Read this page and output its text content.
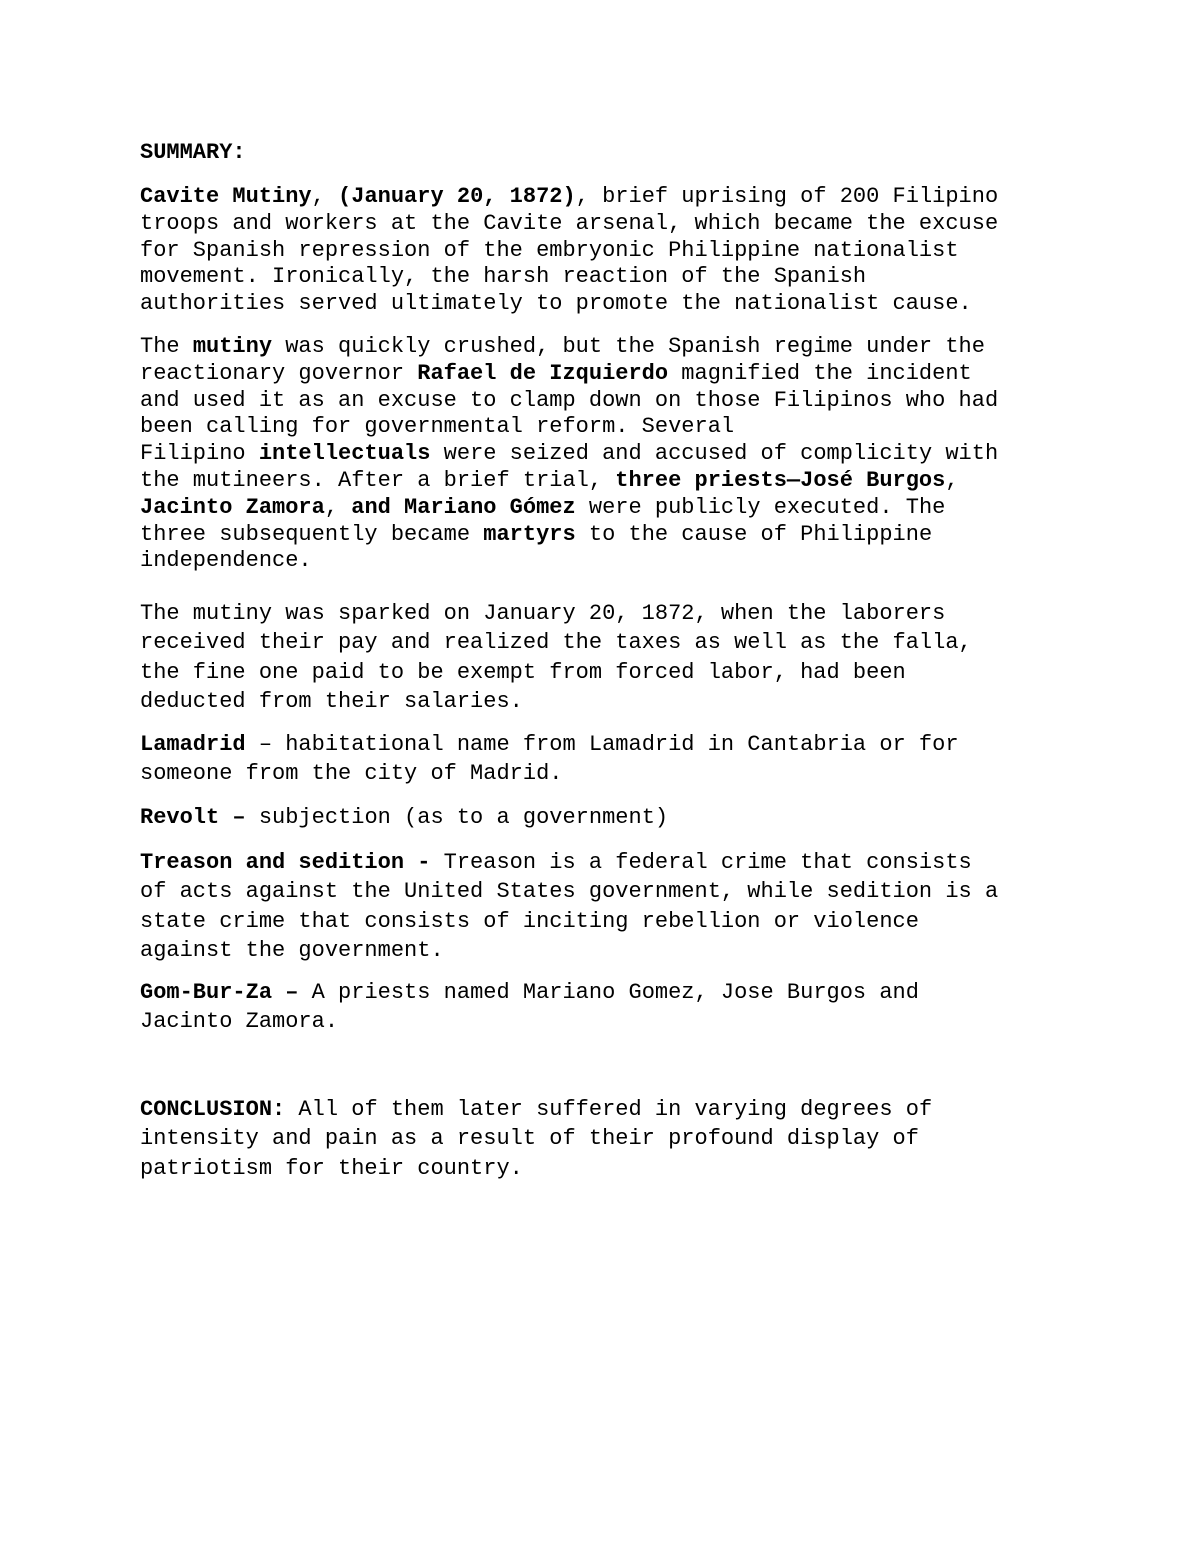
SUMMARY:
Cavite Mutiny, (January 20, 1872), brief uprising of 200 Filipino
troops and workers at the Cavite arsenal, which became the excuse
for Spanish repression of the embryonic Philippine nationalist
movement. Ironically, the harsh reaction of the Spanish
authorities served ultimately to promote the nationalist cause.
The mutiny was quickly crushed, but the Spanish regime under the
reactionary governor Rafael de Izquierdo magnified the incident
and used it as an excuse to clamp down on those Filipinos who had
been calling for governmental reform. Several
Filipino intellectuals were seized and accused of complicity with
the mutineers. After a brief trial, three priests—José Burgos,
Jacinto Zamora, and Mariano Gómez were publicly executed. The
three subsequently became martyrs to the cause of Philippine
independence.
The mutiny was sparked on January 20, 1872, when the laborers
received their pay and realized the taxes as well as the falla,
the fine one paid to be exempt from forced labor, had been
deducted from their salaries.
Lamadrid – habitational name from Lamadrid in Cantabria or for
someone from the city of Madrid.
Revolt – subjection (as to a government)
Treason and sedition - Treason is a federal crime that consists
of acts against the United States government, while sedition is a
state crime that consists of inciting rebellion or violence
against the government.
Gom-Bur-Za – A priests named Mariano Gomez, Jose Burgos and
Jacinto Zamora.
CONCLUSION: All of them later suffered in varying degrees of
intensity and pain as a result of their profound display of
patriotism for their country.
